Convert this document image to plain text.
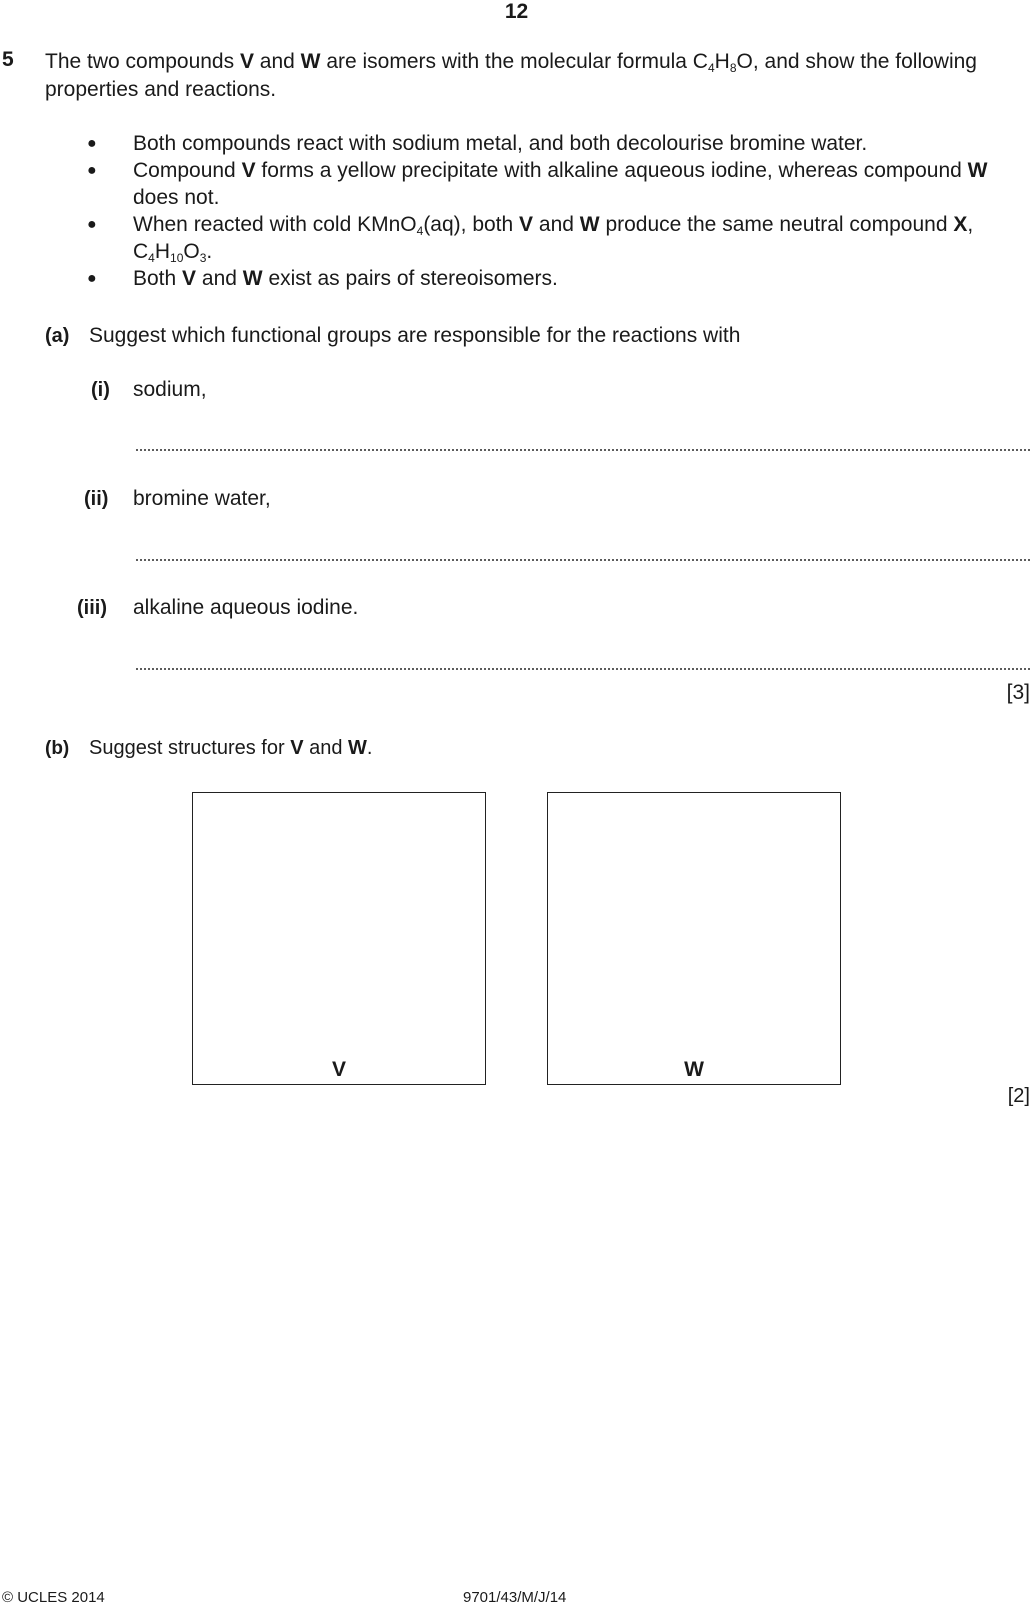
12
5 The two compounds V and W are isomers with the molecular formula $C_4H_8O$, and show the following properties and reactions.

● Both compounds react with sodium metal, and both decolourise bromine water.

● Compound V forms a yellow precipitate with alkaline aqueous iodine, whereas compound W does not.

● When reacted with cold KMnO$_4$(aq), both V and W produce the same neutral compound X, $C_4H_{10}O_3$.

● Both V and W exist as pairs of stereoisomers.

(a) Suggest which functional groups are responsible for the reactions with
(i) sodium,
(ii) bromine water,
(iii) alkaline aqueous iodine.
[3]
(b) Suggest structures for V and W.
V	W
[2]
© UCLES 2014	9701/43/M/J/14
